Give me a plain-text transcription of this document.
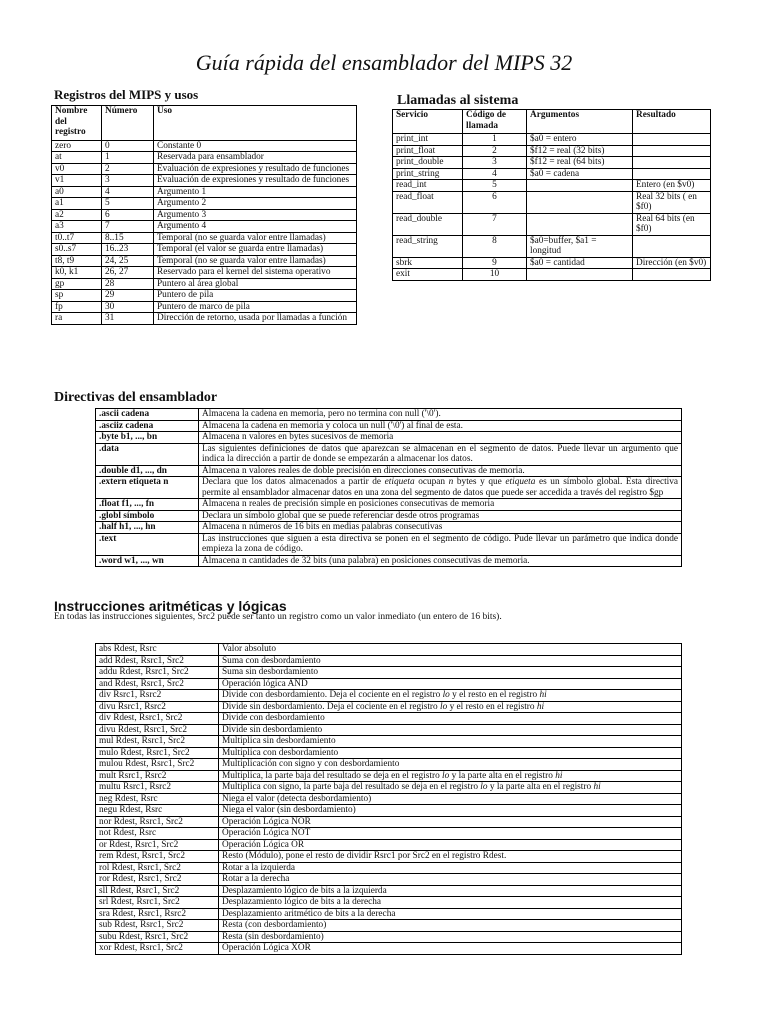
Guía rápida del ensamblador del MIPS 32
Registros del MIPS y usos
Nombre del registro	Número	Uso
zero	0	Constante 0
at	1	Reservada para ensamblador
v0	2	Evaluación de expresiones y resultado de funciones
v1	3	Evaluación de expresiones y resultado de funciones
a0	4	Argumento 1
a1	5	Argumento 2
a2	6	Argumento 3
a3	7	Argumento 4
t0..t7	8..15	Temporal (no se guarda valor entre llamadas)
s0..s7	16..23	Temporal (el valor se guarda entre llamadas)
t8, t9	24, 25	Temporal (no se guarda valor entre llamadas)
k0, k1	26, 27	Reservado para el kernel del sistema operativo
gp	28	Puntero al área global
sp	29	Puntero de pila
fp	30	Puntero de marco de pila
ra	31	Dirección de retorno, usada por llamadas a función
Llamadas al sistema
Servicio	Código de llamada	Argumentos	Resultado
print_int	1	$a0 = entero	
print_float	2	$f12 = real (32 bits)	
print_double	3	$f12 = real (64 bits)	
print_string	4	$a0 = cadena	
read_int	5		Entero (en $v0)
read_float	6		Real 32 bits ( en $f0)
read_double	7		Real 64 bits (en $f0)
read_string	8	$a0=buffer, $a1 = longitud	
sbrk	9	$a0 = cantidad	Dirección (en $v0)
exit	10		
Directivas del ensamblador
.ascii cadena	Almacena la cadena en memoria, pero no termina con null ('\0').
.asciiz cadena	Almacena la cadena en memoria y coloca un null ('\0') al final de esta.
.byte b1, ..., bn	Almacena n valores en bytes sucesivos de memoria
.data	Las siguientes definiciones de datos que aparezcan se almacenan en el segmento de datos. Puede llevar un argumento que indica la dirección a partir de donde se empezarán a almacenar los datos.
.double d1, ..., dn	Almacena n valores reales de doble precisión en direcciones consecutivas de memoria.
.extern etiqueta n	Declara que los datos almacenados a partir de etiqueta ocupan n bytes y que etiqueta es un símbolo global. Esta directiva permite al ensamblador almacenar datos en una zona del segmento de datos que puede ser accedida a través del registro $gp
.float f1, ..., fn	Almacena n reales de precisión simple en posiciones consecutivas de memoria
.globl símbolo	Declara un símbolo global que se puede referenciar desde otros programas
.half h1, ..., hn	Almacena n números de 16 bits en medias palabras consecutivas
.text	Las instrucciones que siguen a esta directiva se ponen en el segmento de código. Pude llevar un parámetro que indica donde empieza la zona de código.
.word w1, ..., wn	Almacena n cantidades de 32 bits (una palabra) en posiciones consecutivas de memoria.
Instrucciones aritméticas y lógicas

En todas las instrucciones siguientes, Src2 puede ser tanto un registro como un valor inmediato (un entero de 16 bits).

abs Rdest, Rsrc	Valor absoluto
add Rdest, Rsrc1, Src2	Suma con desbordamiento
addu Rdest, Rsrc1, Src2	Suma sin desbordamiento
and Rdest, Rsrc1, Src2	Operación lógica AND
div Rsrc1, Rsrc2	Divide con desbordamiento. Deja el cociente en el registro lo y el resto en el registro hi
divu Rsrc1, Rsrc2	Divide sin desbordamiento. Deja el cociente en el registro lo y el resto en el registro hi
div Rdest, Rsrc1, Src2	Divide con desbordamiento
divu Rdest, Rsrc1, Src2	Divide sin desbordamiento
mul Rdest, Rsrc1, Src2	Multiplica sin desbordamiento
mulo Rdest, Rsrc1, Src2	Multiplica con desbordamiento
mulou Rdest, Rsrc1, Src2	Multiplicación con signo y con desbordamiento
mult Rsrc1, Rsrc2	Multiplica, la parte baja del resultado se deja en el registro lo y la parte alta en el registro hi
multu Rsrc1, Rsrc2	Multiplica con signo, la parte baja del resultado se deja en el registro lo y la parte alta en el registro hi
neg Rdest, Rsrc	Niega el valor (detecta desbordamiento)
negu Rdest, Rsrc	Niega el valor (sin desbordamiento)
nor Rdest, Rsrc1, Src2	Operación Lógica NOR
not Rdest, Rsrc	Operación Lógica NOT
or Rdest, Rsrc1, Src2	Operación Lógica OR
rem Rdest, Rsrc1, Src2	Resto (Módulo), pone el resto de dividir Rsrc1 por Src2 en el registro Rdest.
rol Rdest, Rsrc1, Src2	Rotar a la izquierda
ror Rdest, Rsrc1, Src2	Rotar a la derecha
sll Rdest, Rsrc1, Src2	Desplazamiento lógico de bits a la izquierda
srl Rdest, Rsrc1, Src2	Desplazamiento lógico de bits a la derecha
sra Rdest, Rsrc1, Rsrc2	Desplazamiento aritmético de bits a la derecha
sub Rdest, Rsrc1, Src2	Resta (con desbordamiento)
subu Rdest, Rsrc1, Src2	Resta (sin desbordamiento)
xor Rdest, Rsrc1, Src2	Operación Lógica XOR
